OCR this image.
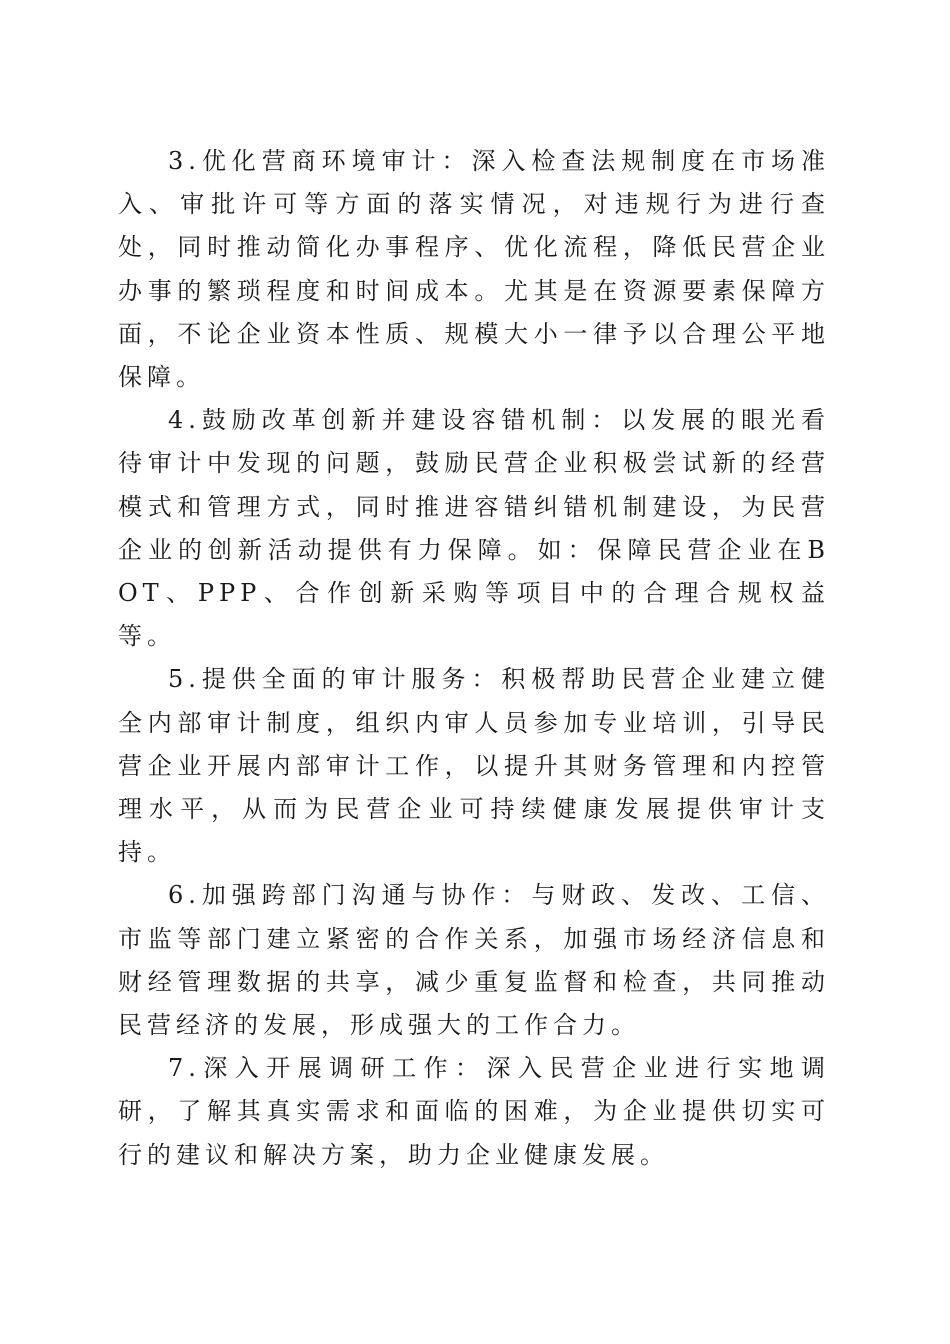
3.优化营商环境审计：深入检查法规制度在市场准入、审批许可等方面的落实情况，对违规行为进行查处，同时推动简化办事程序、优化流程，降低民营企业办事的繁琐程度和时间成本。尤其是在资源要素保障方面，不论企业资本性质、规模大小一律予以合理公平地保障。

4.鼓励改革创新并建设容错机制：以发展的眼光看待审计中发现的问题，鼓励民营企业积极尝试新的经营模式和管理方式，同时推进容错纠错机制建设，为民营企业的创新活动提供有力保障。如：保障民营企业在BOT、PPP、合作创新采购等项目中的合理合规权益等。

5.提供全面的审计服务：积极帮助民营企业建立健全内部审计制度，组织内审人员参加专业培训，引导民营企业开展内部审计工作，以提升其财务管理和内控管理水平，从而为民营企业可持续健康发展提供审计支持。

6.加强跨部门沟通与协作：与财政、发改、工信、市监等部门建立紧密的合作关系，加强市场经济信息和财经管理数据的共享，减少重复监督和检查，共同推动民营经济的发展，形成强大的工作合力。

7.深入开展调研工作：深入民营企业进行实地调研，了解其真实需求和面临的困难，为企业提供切实可行的建议和解决方案，助力企业健康发展。
